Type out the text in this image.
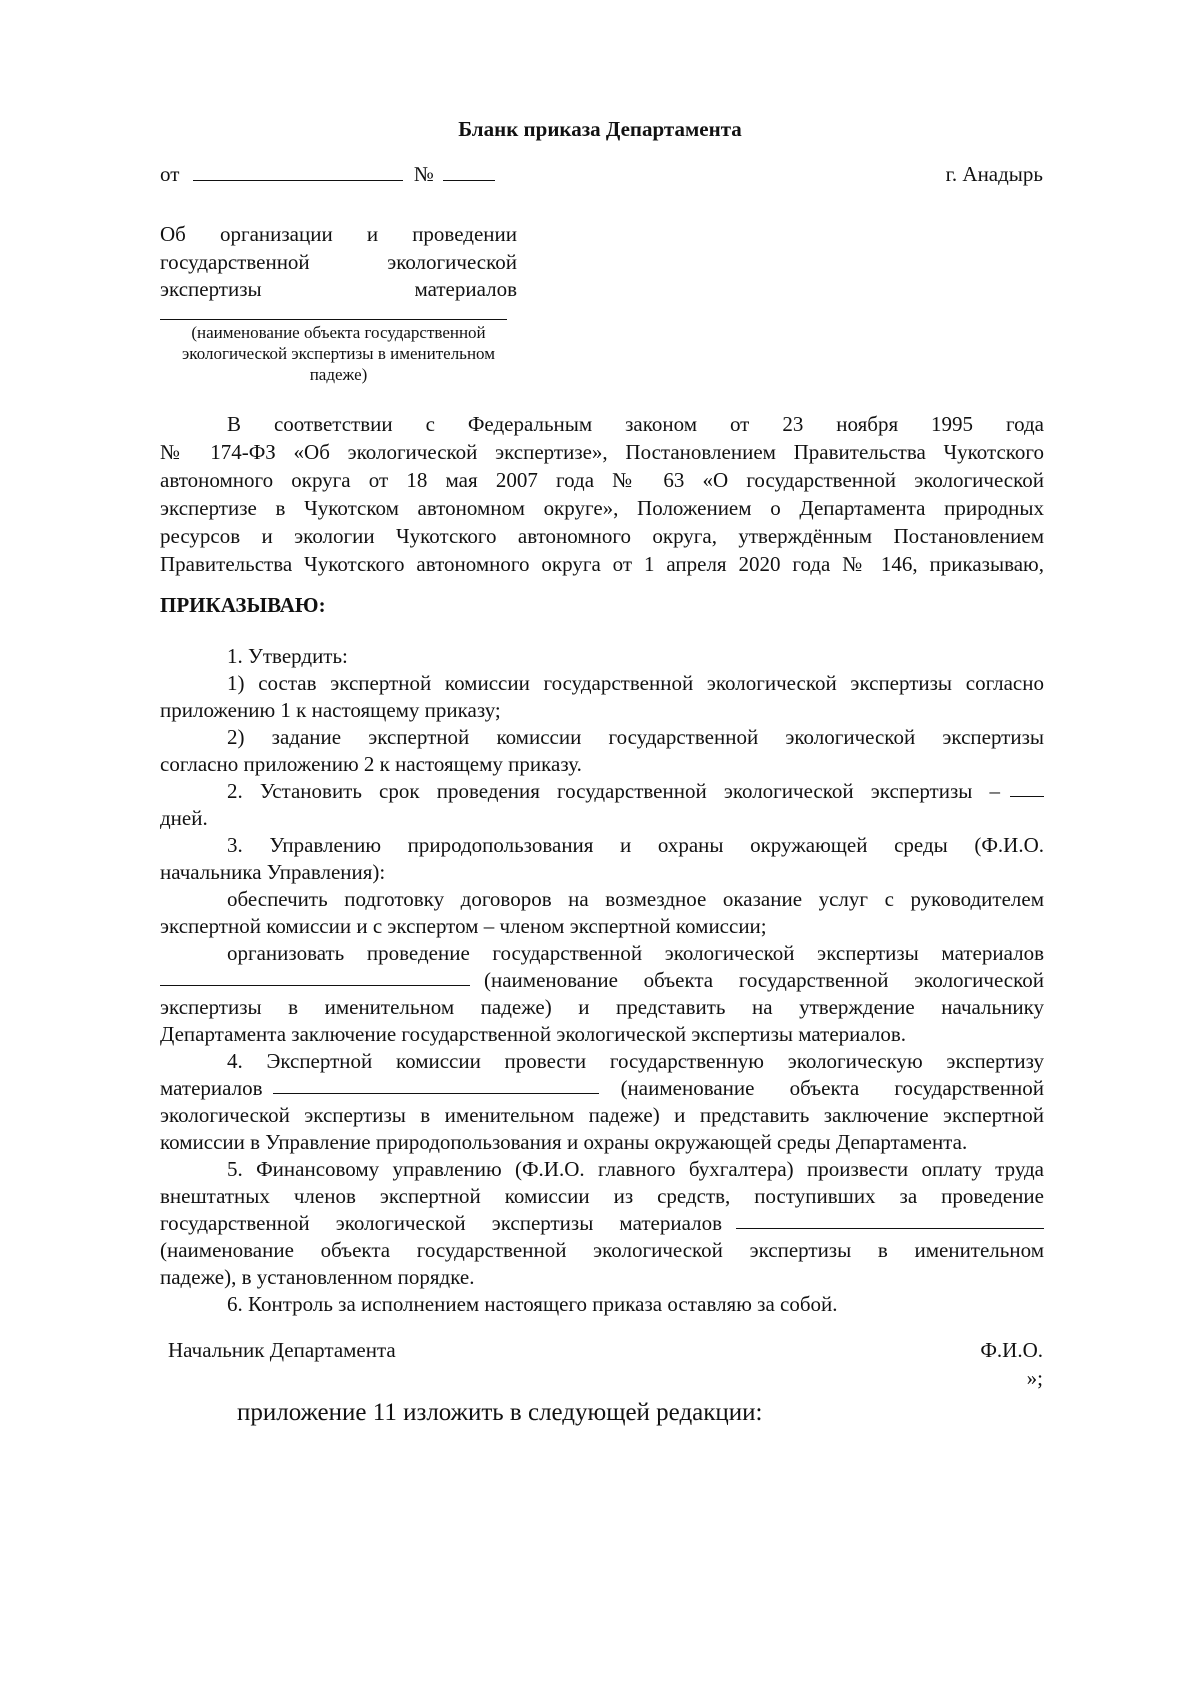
Бланк приказа Департамента
от	№	г. Анадырь
Об организации и проведении
государственной	экологической
экспертизы	материалов
(наименование объекта государственной
экологической экспертизы в именительном
падеже)
В соответствии с Федеральным законом от 23 ноября 1995 года
№ 174-ФЗ «Об экологической экспертизе», Постановлением Правительства Чукотского
автономного округа от 18 мая 2007 года № 63 «О государственной экологической
экспертизе в Чукотском автономном округе», Положением о Департамента природных
ресурсов и экологии Чукотского автономного округа, утверждённым Постановлением
Правительства Чукотского автономного округа от 1 апреля 2020 года № 146, приказываю,
ПРИКАЗЫВАЮ:
1. Утвердить:
1) состав экспертной комиссии государственной экологической экспертизы согласно
приложению 1 к настоящему приказу;
2) задание экспертной комиссии государственной экологической экспертизы
согласно приложению 2 к настоящему приказу.
2. Установить срок проведения государственной экологической экспертизы –
дней.
3. Управлению природопользования и охраны окружающей среды (Ф.И.О.
начальника Управления):
обеспечить подготовку договоров на возмездное оказание услуг с руководителем
экспертной комиссии и с экспертом – членом экспертной комиссии;
организовать проведение государственной экологической экспертизы материалов
(наименование объекта государственной экологической
экспертизы в именительном падеже) и представить на утверждение начальнику
Департамента заключение государственной экологической экспертизы материалов.
4. Экспертной комиссии провести государственную экологическую экспертизу
материалов	(наименование объекта государственной
экологической экспертизы в именительном падеже) и представить заключение экспертной
комиссии в Управление природопользования и охраны окружающей среды Департамента.
5. Финансовому управлению (Ф.И.О. главного бухгалтера) произвести оплату труда
внештатных членов экспертной комиссии из средств, поступивших за проведение
государственной экологической экспертизы материалов
(наименование объекта государственной экологической экспертизы в именительном
падеже), в установленном порядке.
6. Контроль за исполнением настоящего приказа оставляю за собой.
Начальник Департамента	Ф.И.О.
»;
приложение 11 изложить в следующей редакции:
